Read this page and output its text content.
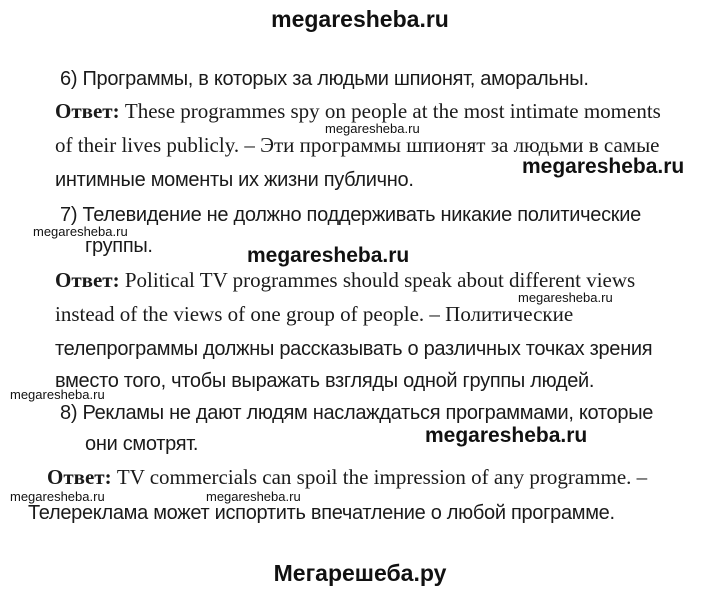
megaresheba.ru
6) Программы, в которых за людьми шпионят, аморальны.
Ответ: These programmes spy on people at the most intimate moments
of their lives publicly. – Эти программы шпионят за людьми в самые
интимные моменты их жизни публично.
7) Телевидение не должно поддерживать никакие политические
группы.
Ответ: Political TV programmes should speak about different views
instead of the views of one group of people. – Политические
телепрограммы должны рассказывать о различных точках зрения
вместо того, чтобы выражать взгляды одной группы людей.
8) Рекламы не дают людям наслаждаться программами, которые
они смотрят.
Ответ: TV commercials can spoil the impression of any programme. –
Телереклама может испортить впечатление о любой программе.
megaresheba.ru
megaresheba.ru
megaresheba.ru
megaresheba.ru
megaresheba.ru
megaresheba.ru
megaresheba.ru
megaresheba.ru	megaresheba.ru
Мегарешеба.ру
